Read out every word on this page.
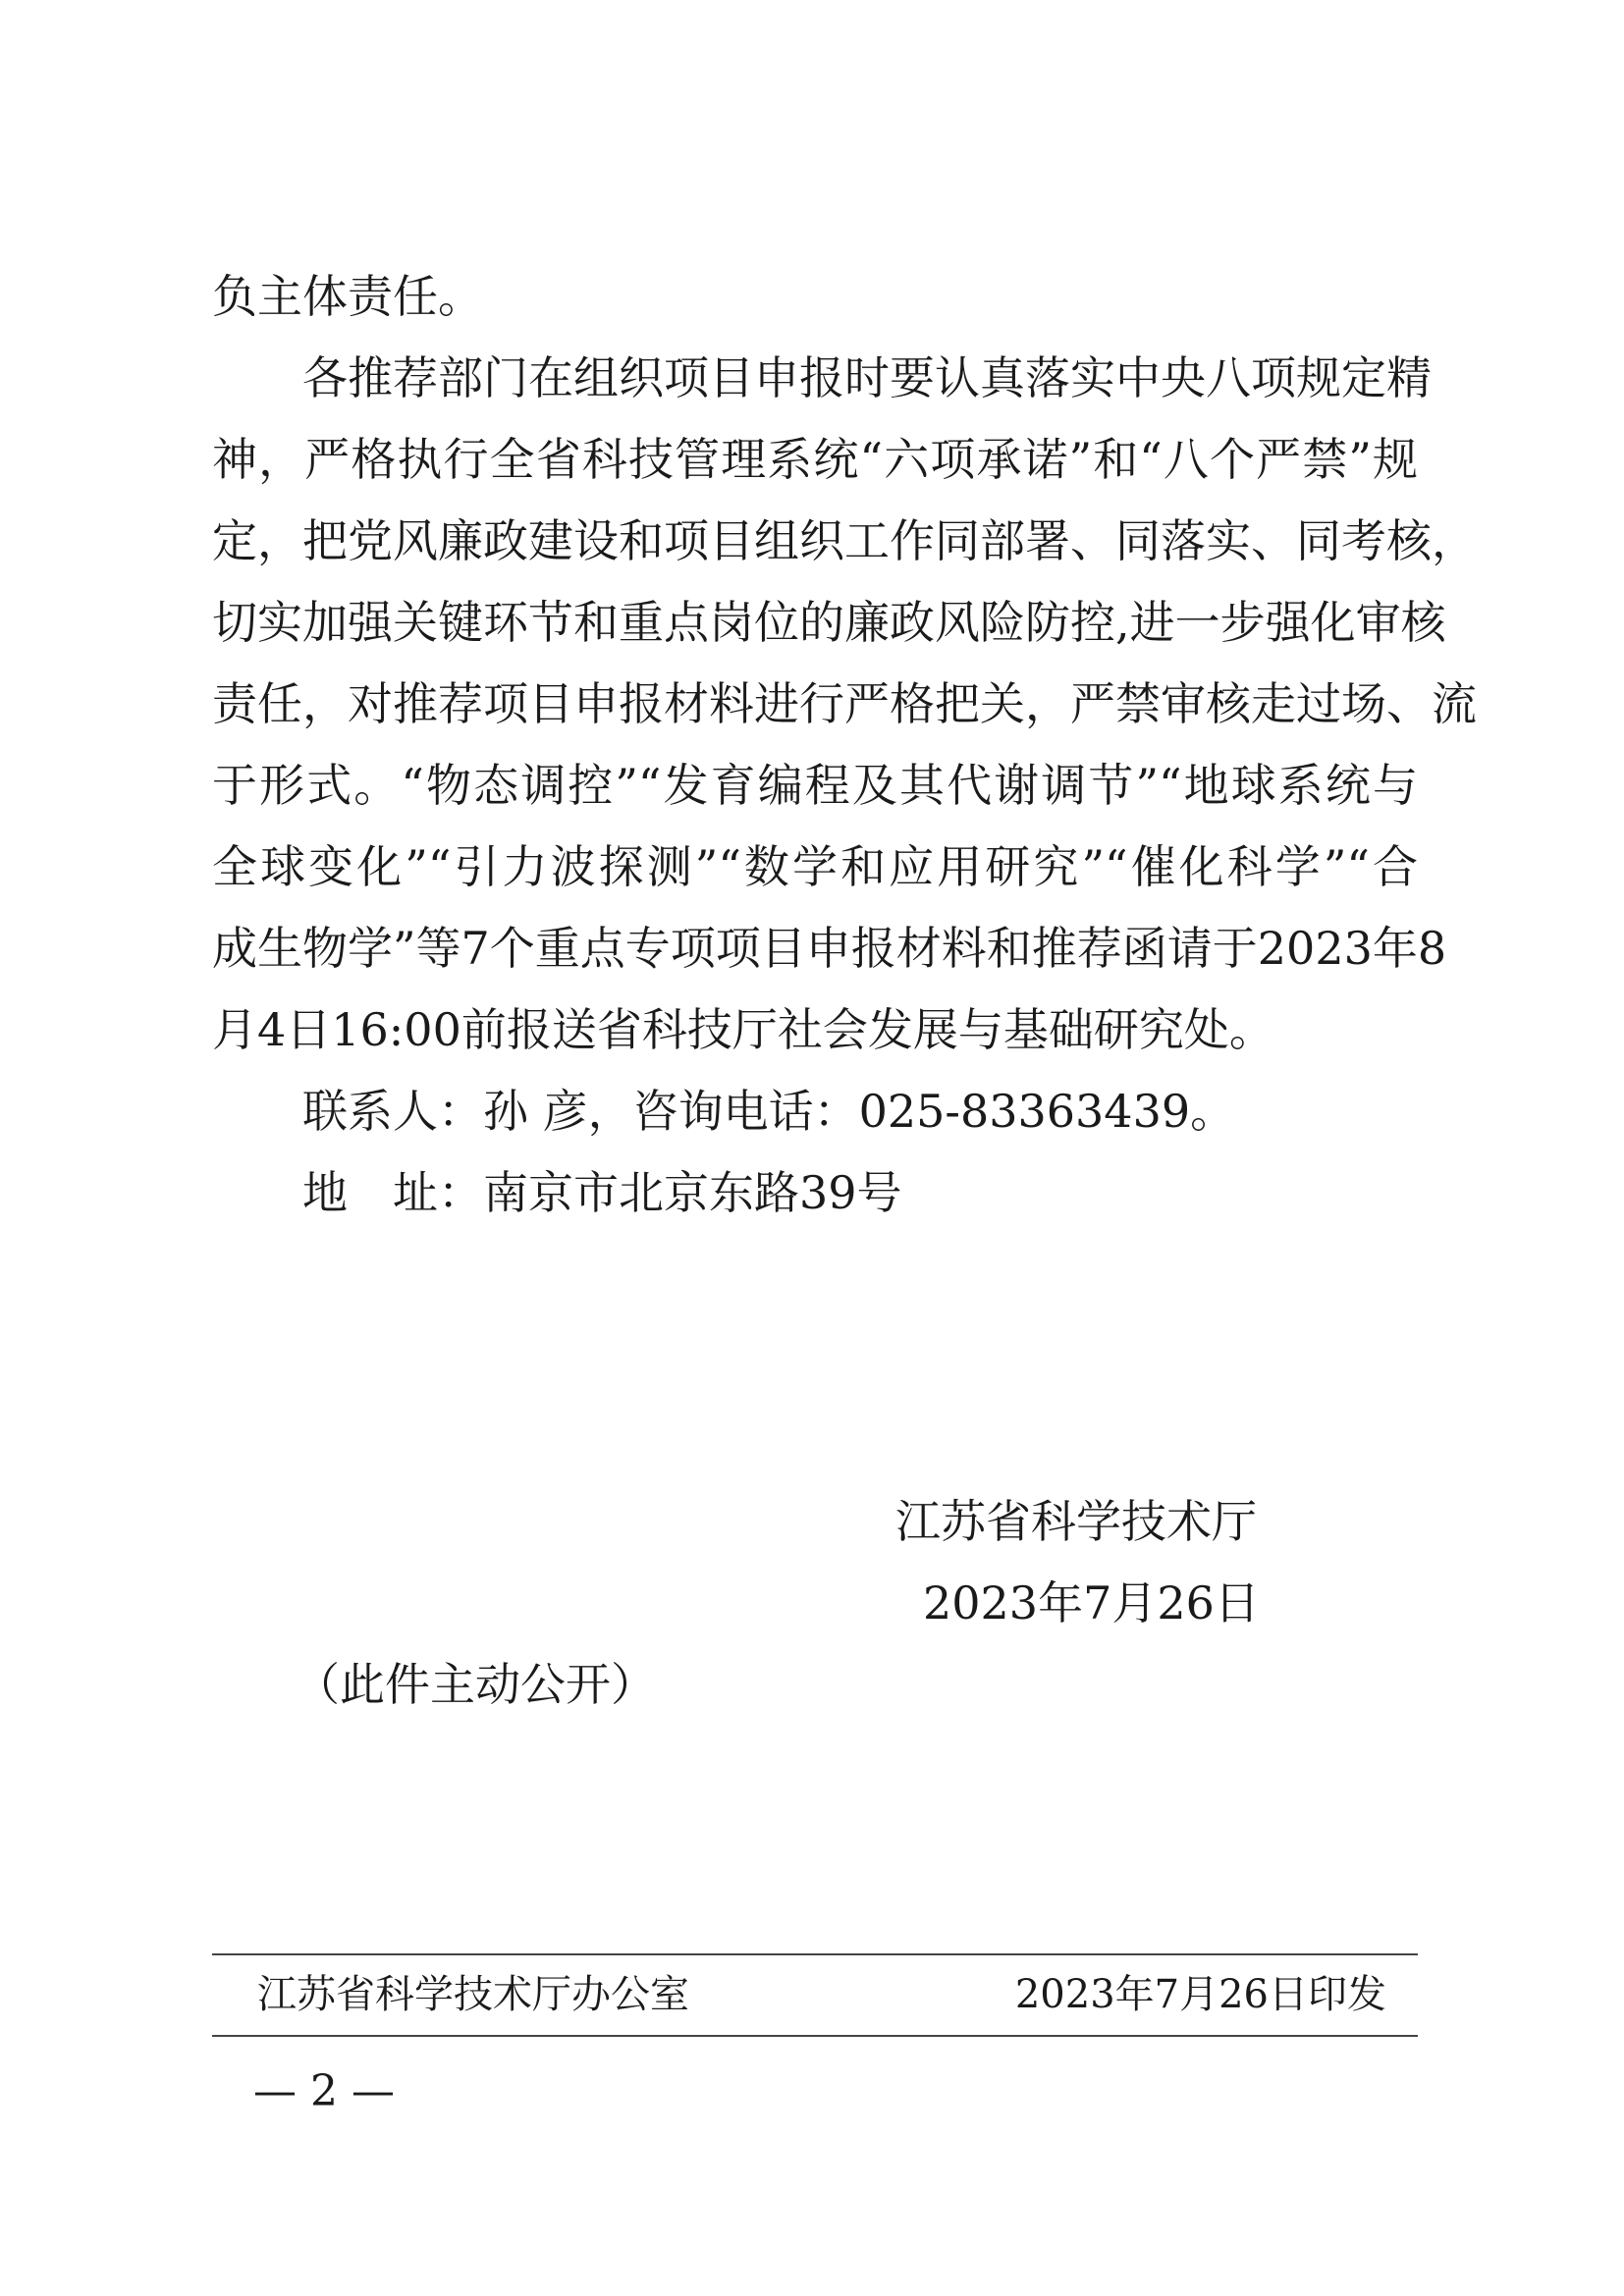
负主体责任。
各推荐部门在组织项目申报时要认真落实中央八项规定精
神，严格执行全省科技管理系统“六项承诺”和“八个严禁”规
定，把党风廉政建设和项目组织工作同部署、同落实、同考核，
切实加强关键环节和重点岗位的廉政风险防控,进一步强化审核
责任，对推荐项目申报材料进行严格把关，严禁审核走过场、流
于形式。“物态调控”“发育编程及其代谢调节”“地球系统与
全球变化”“引力波探测”“数学和应用研究”“催化科学”“合
成生物学”等7个重点专项项目申报材料和推荐函请于2023年8
月4日16:00前报送省科技厅社会发展与基础研究处。
联系人：孙 彦，咨询电话：025-83363439。
地　址：南京市北京东路39号
江苏省科学技术厅
2023年7月26日
（此件主动公开）
江苏省科学技术厅办公室	2023年7月26日印发
— 2 —
